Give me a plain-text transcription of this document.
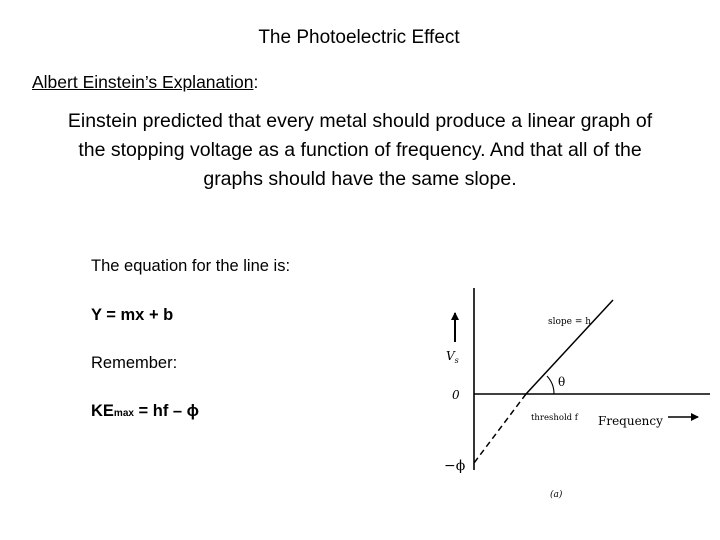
The Photoelectric Effect
Albert Einstein’s Explanation:
Einstein predicted that every metal should produce a linear graph of
the stopping voltage as a function of frequency. And that all of the
graphs should have the same slope.
The equation for the line is:
Y = mx + b
Remember:
KEmax = hf – ϕ
slope = h
$V_s$
0
θ
threshold f Frequency
−ϕ
(a)
